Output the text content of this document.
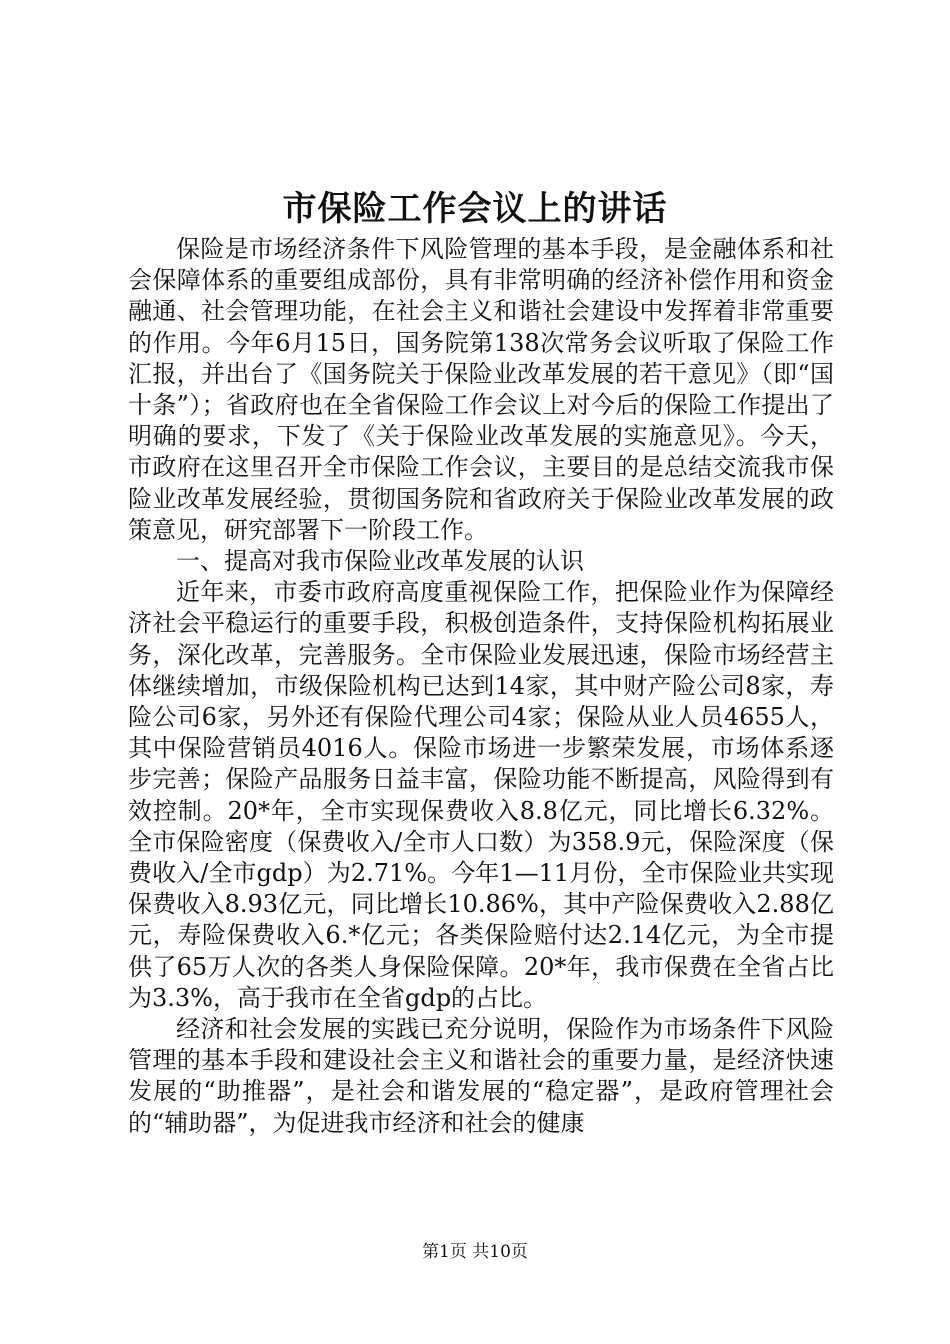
市保险工作会议上的讲话

保险是市场经济条件下风险管理的基本手段，是金融体系和社会保障体系的重要组成部份，具有非常明确的经济补偿作用和资金融通、社会管理功能，在社会主义和谐社会建设中发挥着非常重要的作用。今年6月15日，国务院第138次常务会议听取了保险工作汇报，并出台了《国务院关于保险业改革发展的若干意见》（即“国十条”）；省政府也在全省保险工作会议上对今后的保险工作提出了明确的要求，下发了《关于保险业改革发展的实施意见》。今天，市政府在这里召开全市保险工作会议，主要目的是总结交流我市保险业改革发展经验，贯彻国务院和省政府关于保险业改革发展的政策意见，研究部署下一阶段工作。

一、提高对我市保险业改革发展的认识

近年来，市委市政府高度重视保险工作，把保险业作为保障经济社会平稳运行的重要手段，积极创造条件，支持保险机构拓展业务，深化改革，完善服务。全市保险业发展迅速，保险市场经营主体继续增加，市级保险机构已达到14家，其中财产险公司8家，寿险公司6家，另外还有保险代理公司4家；保险从业人员4655人，其中保险营销员4016人。保险市场进一步繁荣发展，市场体系逐步完善；保险产品服务日益丰富，保险功能不断提高，风险得到有效控制。20*年，全市实现保费收入8.8亿元，同比增长6.32%。全市保险密度（保费收入/全市人口数）为358.9元，保险深度（保费收入/全市gdp）为2.71%。今年1—11月份，全市保险业共实现保费收入8.93亿元，同比增长10.86%，其中产险保费收入2.88亿元，寿险保费收入6.*亿元；各类保险赔付达2.14亿元，为全市提供了65万人次的各类人身保险保障。20*年，我市保费在全省占比为3.3%，高于我市在全省gdp的占比。

经济和社会发展的实践已充分说明，保险作为市场条件下风险管理的基本手段和建设社会主义和谐社会的重要力量，是经济快速发展的“助推器”，是社会和谐发展的“稳定器”，是政府管理社会的“辅助器”，为促进我市经济和社会的健康

第1页 共10页
